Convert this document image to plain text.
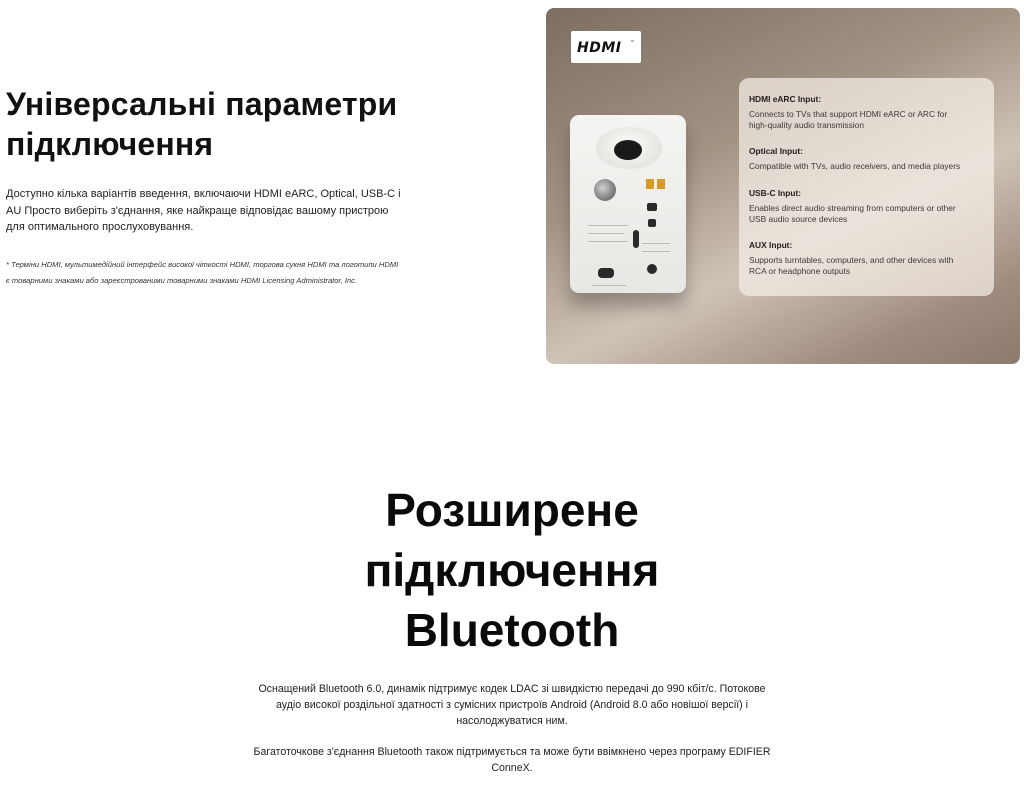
Універсальні параметри
підключення

Доступно кілька варіантів введення, включаючи HDMI eARC, Optical, USB-C і
AU Просто виберіть з'єднання, яке найкраще відповідає вашому пристрою
для оптимального прослуховування.

* Терміни HDMI, мультимедійний інтерфейс високої чіткості HDMI, торгова сукня HDMI та логотипи HDMI
є товарними знаками або зареєстрованими товарними знаками HDMI Licensing Administrator, Inc.

HDMI ™
HDMI eARC Input:
Connects to TVs that support HDMI eARC or ARC for
high-quality audio transmission
Optical Input:
Compatible with TVs, audio receivers, and media players
USB-C Input:
Enables direct audio streaming from computers or other
USB audio source devices
AUX Input:
Supports turntables, computers, and other devices with
RCA or headphone outputs
Розширене
підключення
Bluetooth

Оснащений Bluetooth 6.0, динамік підтримує кодек LDAC зі швидкістю передачі до 990 кбіт/с. Потокове
аудіо високої роздільної здатності з сумісних пристроїв Android (Android 8.0 або новішої версії) і
насолоджуватися ним.

Багатоточкове з'єднання Bluetooth також підтримується та може бути ввімкнено через програму EDIFIER
ConneX.
